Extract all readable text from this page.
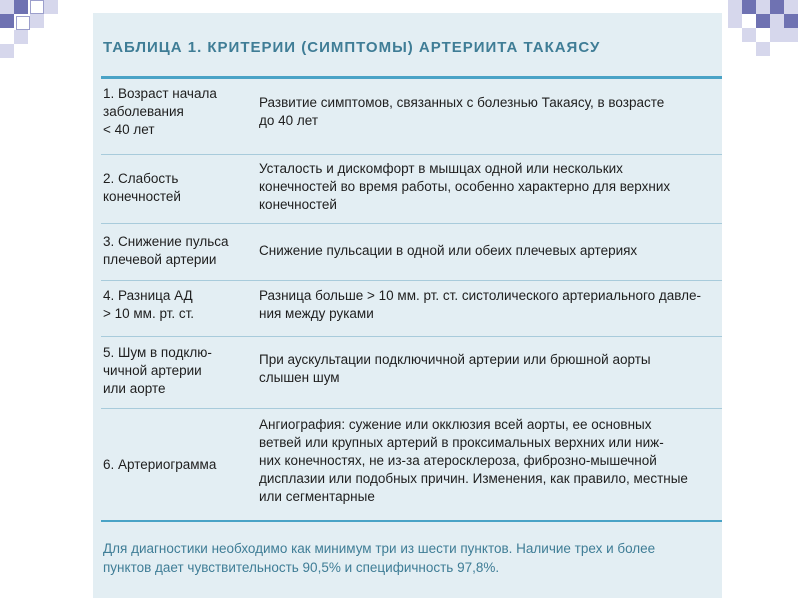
ТАБЛИЦА 1. КРИТЕРИИ (СИМПТОМЫ) АРТЕРИИТА ТАКАЯСУ
1. Возраст начала
заболевания
< 40 лет
Развитие симптомов, связанных с болезнью Такаясу, в возрасте
до 40 лет
2. Слабость
конечностей
Усталость и дискомфорт в мышцах одной или нескольких
конечностей во время работы, особенно характерно для верхних
конечностей
3. Снижение пульса
плечевой артерии
Снижение пульсации в одной или обеих плечевых артериях
4. Разница АД
> 10 мм. рт. ст.
Разница больше > 10 мм. рт. ст. систолического артериального давле-
ния между руками
5. Шум в подклю-
чичной артерии
или аорте
При аускультации подключичной артерии или брюшной аорты
слышен шум
6. Артериограмма
Ангиография: сужение или окклюзия всей аорты, ее основных
ветвей или крупных артерий в проксимальных верхних или ниж-
них конечностях, не из-за атеросклероза, фиброзно-мышечной
дисплазии или подобных причин. Изменения, как правило, местные
или сегментарные
Для диагностики необходимо как минимум три из шести пунктов. Наличие трех и более
пунктов дает чувствительность 90,5% и специфичность 97,8%.
